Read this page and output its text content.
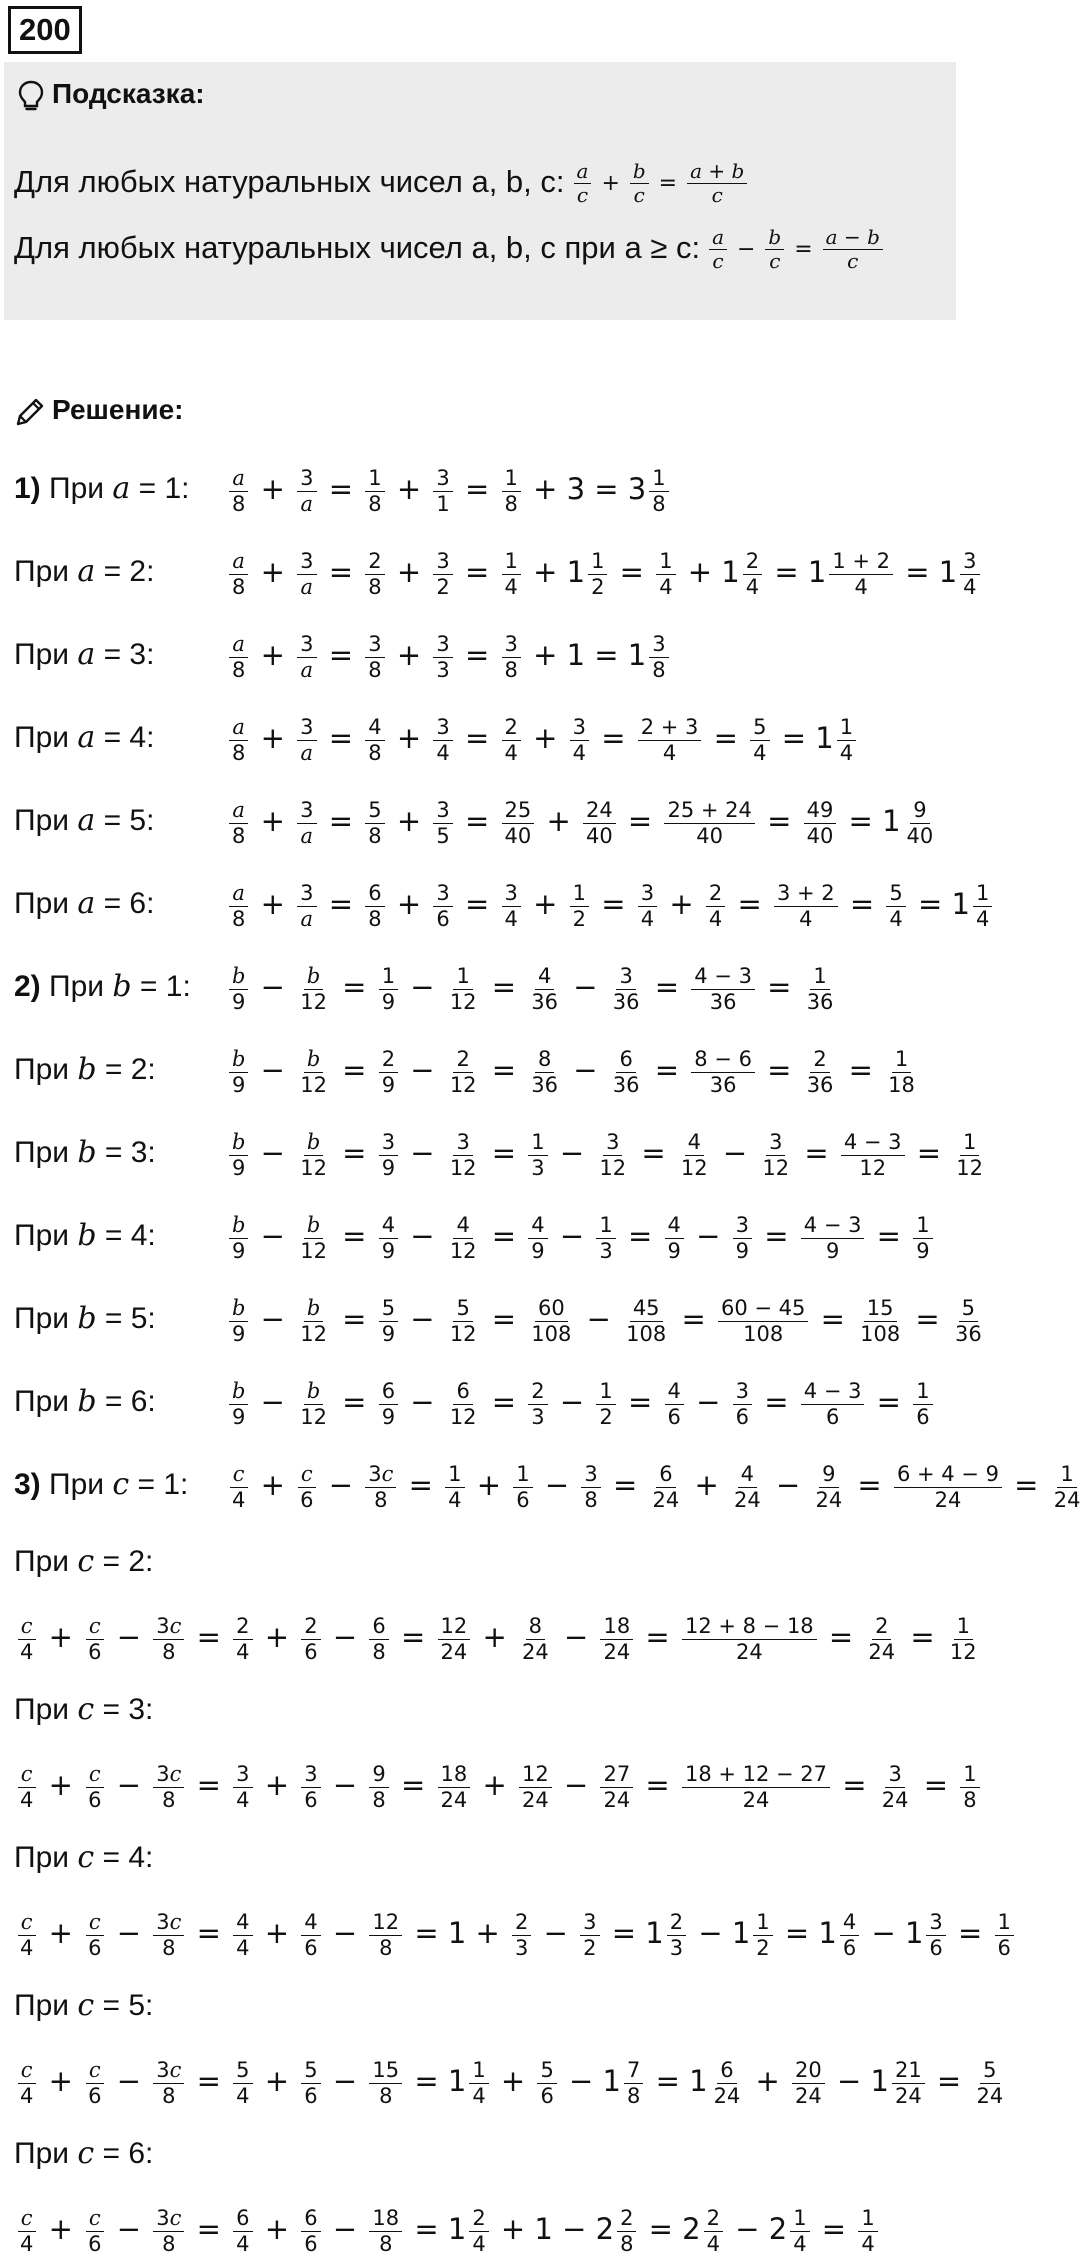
200
Подсказка:
Для любых натуральных чисел a, b, c: $\frac{a}{c} + \frac{b}{c} = \frac{a + b}{c}$
Для любых натуральных чисел a, b, c при a ≥ c: $\frac{a}{c} - \frac{b}{c} = \frac{a - b}{c}$
Решение:
1) При a = 1: $\frac{a}{8} + \frac{3}{a} = \frac{1}{8} + \frac{3}{1} = \frac{1}{8} + 3 = 3 \frac{1}{8}$
При a = 2:	$\frac{a}{8} + \frac{3}{a} = \frac{2}{8} + \frac{3}{2} = \frac{1}{4} + 1 \frac{1}{2} = \frac{1}{4} + 1 \frac{2}{4} = 1 \frac{1 + 2}{4} = 1 \frac{3}{4}$
При a = 3:	$\frac{a}{8} + \frac{3}{a} = \frac{3}{8} + \frac{3}{3} = \frac{3}{8} + 1 = 1 \frac{3}{8}$
При a = 4:	$\frac{a}{8} + \frac{3}{a} = \frac{4}{8} + \frac{3}{4} = \frac{2}{4} + \frac{3}{4} = \frac{2 + 3}{4} = \frac{5}{4} = 1 \frac{1}{4}$
При a = 5:	$\frac{a}{8} + \frac{3}{a} = \frac{5}{8} + \frac{3}{5} = \frac{25}{40} + \frac{24}{40} = \frac{25 + 24}{40} = \frac{49}{40} = 1 \frac{9}{40}$
При a = 6:	$\frac{a}{8} + \frac{3}{a} = \frac{6}{8} + \frac{3}{6} = \frac{3}{4} + \frac{1}{2} = \frac{3}{4} + \frac{2}{4} = \frac{3 + 2}{4} = \frac{5}{4} = 1 \frac{1}{4}$
2) При b = 1: $\frac{b}{9} - \frac{b}{12} = \frac{1}{9} - \frac{1}{12} = \frac{4}{36} - \frac{3}{36} = \frac{4 - 3}{36} = \frac{1}{36}$
При b = 2:	$\frac{b}{9} - \frac{b}{12} = \frac{2}{9} - \frac{2}{12} = \frac{8}{36} - \frac{6}{36} = \frac{8 - 6}{36} = \frac{2}{36} = \frac{1}{18}$
При b = 3:	$\frac{b}{9} - \frac{b}{12} = \frac{3}{9} - \frac{3}{12} = \frac{1}{3} - \frac{3}{12} = \frac{4}{12} - \frac{3}{12} = \frac{4 - 3}{12} = \frac{1}{12}$
При b = 4:	$\frac{b}{9} - \frac{b}{12} = \frac{4}{9} - \frac{4}{12} = \frac{4}{9} - \frac{1}{3} = \frac{4}{9} - \frac{3}{9} = \frac{4 - 3}{9} = \frac{1}{9}$
При b = 5:	$\frac{b}{9} - \frac{b}{12} = \frac{5}{9} - \frac{5}{12} = \frac{60}{108} - \frac{45}{108} = \frac{60 - 45}{108} = \frac{15}{108} = \frac{5}{36}$
При b = 6:	$\frac{b}{9} - \frac{b}{12} = \frac{6}{9} - \frac{6}{12} = \frac{2}{3} - \frac{1}{2} = \frac{4}{6} - \frac{3}{6} = \frac{4 - 3}{6} = \frac{1}{6}$
3) При c = 1: $\frac{c}{4} + \frac{c}{6} - \frac{3c}{8} = \frac{1}{4} + \frac{1}{6} - \frac{3}{8} = \frac{6}{24} + \frac{4}{24} - \frac{9}{24} = \frac{6 + 4 - 9}{24} = \frac{1}{24}$
При c = 2:
$\frac{c}{4} + \frac{c}{6} - \frac{3c}{8} = \frac{2}{4} + \frac{2}{6} - \frac{6}{8} = \frac{12}{24} + \frac{8}{24} - \frac{18}{24} = \frac{12 + 8 - 18}{24} = \frac{2}{24} = \frac{1}{12}$
При c = 3:
$\frac{c}{4} + \frac{c}{6} - \frac{3c}{8} = \frac{3}{4} + \frac{3}{6} - \frac{9}{8} = \frac{18}{24} + \frac{12}{24} - \frac{27}{24} = \frac{18 + 12 - 27}{24} = \frac{3}{24} = \frac{1}{8}$
При c = 4:
$\frac{c}{4} + \frac{c}{6} - \frac{3c}{8} = \frac{4}{4} + \frac{4}{6} - \frac{12}{8} = 1 + \frac{2}{3} - \frac{3}{2} = 1 \frac{2}{3} - 1 \frac{1}{2} = 1 \frac{4}{6} - 1 \frac{3}{6} = \frac{1}{6}$
При c = 5:
$\frac{c}{4} + \frac{c}{6} - \frac{3c}{8} = \frac{5}{4} + \frac{5}{6} - \frac{15}{8} = 1 \frac{1}{4} + \frac{5}{6} - 1 \frac{7}{8} = 1 \frac{6}{24} + \frac{20}{24} - 1 \frac{21}{24} = \frac{5}{24}$
При c = 6:
$\frac{c}{4} + \frac{c}{6} - \frac{3c}{8} = \frac{6}{4} + \frac{6}{6} - \frac{18}{8} = 1 \frac{2}{4} + 1 - 2 \frac{2}{8} = 2 \frac{2}{4} - 2 \frac{1}{4} = \frac{1}{4}$
